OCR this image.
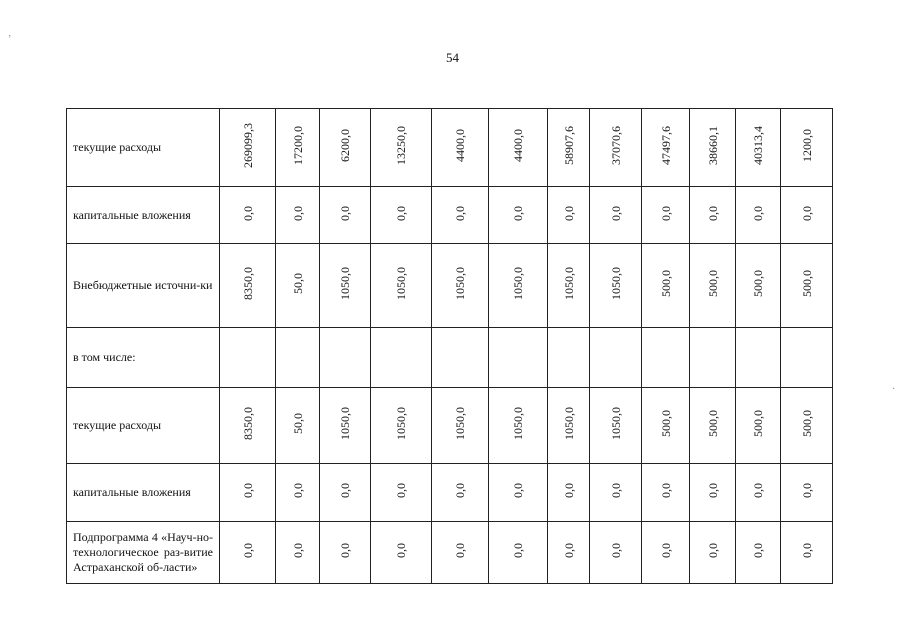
54
ʼ
·
текущие расходы	269099,3	17200,0	6200,0	13250,0	4400,0	4400,0	58907,6	37070,6	47497,6	38660,1	40313,4	1200,0
капитальные вложения	0,0	0,0	0,0	0,0	0,0	0,0	0,0	0,0	0,0	0,0	0,0	0,0
Внебюджетные источни-ки	8350,0	50,0	1050,0	1050,0	1050,0	1050,0	1050,0	1050,0	500,0	500,0	500,0	500,0
в том числе:												
текущие расходы	8350,0	50,0	1050,0	1050,0	1050,0	1050,0	1050,0	1050,0	500,0	500,0	500,0	500,0
капитальные вложения	0,0	0,0	0,0	0,0	0,0	0,0	0,0	0,0	0,0	0,0	0,0	0,0
Подпрограмма 4 «Науч-но-технологическое раз-витие Астраханской об-ласти»	0,0	0,0	0,0	0,0	0,0	0,0	0,0	0,0	0,0	0,0	0,0	0,0
